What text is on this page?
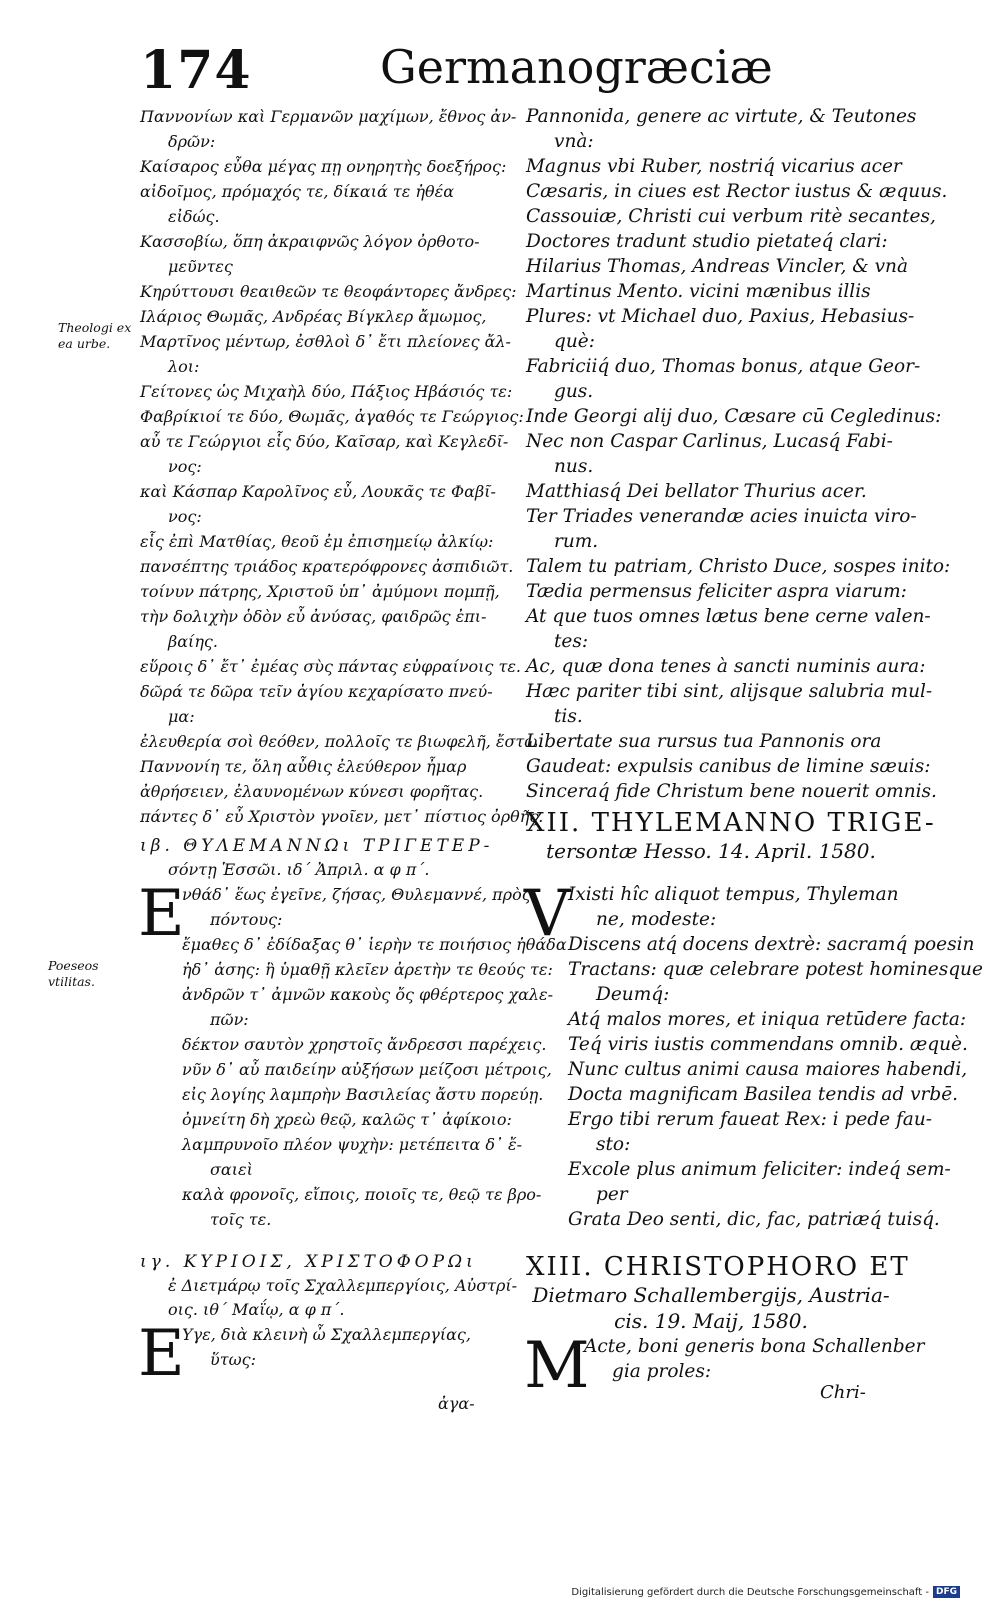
174	Germanogræciæ
Theologi ex ea urbe.
Poeseos vtilitas.
Παννονίων καὶ Γερμανῶν μαχίμων, ἔθνος ἀν-
δρῶν:
Καίσαρος εὖθα μέγας πῃ ονηρητὴς δοεξήρος:
αἰδοῖμος, πρόμαχός τε, δίκαιά τε ἠθέα
εἰδώς.
Κασσοβίω, ὅπη ἀκραιφνῶς λόγον ὀρθοτο-
μεῦντες
Κηρύττουσι θεαιθεῶν τε θεοφάντορες ἄνδρες:
Ιλάριος Θωμᾶς, Ανδρέας Βίγκλερ ἄμωμος,
Μαρτῖνος μέντωρ, ἐσθλοὶ δ᾽ ἔτι πλείονες ἄλ-
λοι:
Γείτονες ὡς Μιχαὴλ δύο, Πάξιος Ηβάσιός τε:
Φαβρίκιοί τε δύο, Θωμᾶς, ἀγαθός τε Γεώργιος:
αὖ τε Γεώργιοι εἷς δύο, Καῖσαρ, καὶ Κεγλεδῖ-
νος:
καὶ Κάσπαρ Καρολῖνος εὖ, Λουκᾶς τε Φαβῖ-
νος:
εἷς ἐπὶ Ματθίας, θεοῦ ἐμ ἐπισημείῳ ἀλκίῳ:
πανσέπτης τριάδος κρατερόφρονες ἀσπιδιῶτ.
τοίνυν πάτρης, Χριστοῦ ὑπ᾽ ἀμύμονι πομπῇ,
τὴν δολιχὴν ὁδὸν εὖ ἀνύσας, φαιδρῶς ἐπι-
βαίης.
εὕροις δ᾽ ἔτ᾽ ἐμέας σὺς πάντας εὐφραίνοις τε.
δῶρά τε δῶρα τεῖν ἁγίου κεχαρίσατο πνεύ-
μα:
ἐλευθερία σοὶ θεόθεν, πολλοῖς τε βιωφελῆ, ἔστω.
Παννονίη τε, ὅλη αὖθις ἐλεύθερον ἦμαρ
ἀθρήσειεν, ἐλαυνομένων κύνεσι φορῆτας.
πάντες δ᾽ εὖ Χριστὸν γνοῖεν, μετ᾽ πίστιος ὀρθῆς.
Pannonida, genere ac virtute, & Teutones
vnà:
Magnus vbi Ruber, nostriq́ vicarius acer
Cæsaris, in ciues est Rector iustus & æquus.
Cassouiæ, Christi cui verbum ritè secantes,
Doctores tradunt studio pietateq́ clari:
Hilarius Thomas, Andreas Vincler, & vnà
Martinus Mento. vicini mænibus illis
Plures: vt Michael duo, Paxius, Hebasius-
què:
Fabriciiq́ duo, Thomas bonus, atque Geor-
gus.
Inde Georgi alij duo, Cæsare cū Cegledinus:
Nec non Caspar Carlinus, Lucasq́ Fabi-
nus.
Matthiasq́ Dei bellator Thurius acer.
Ter Triades venerandæ acies inuicta viro-
rum.
Talem tu patriam, Christo Duce, sospes inito:
Tædia permensus feliciter aspra viarum:
At que tuos omnes lætus bene cerne valen-
tes:
Ac, quæ dona tenes à sancti numinis aura:
Hæc pariter tibi sint, alijsque salubria mul-
tis.
Libertate sua rursus tua Pannonis ora
Gaudeat: expulsis canibus de limine sæuis:
Sinceraq́ fide Christum bene nouerit omnis.
ιβ. ΘΥΛΕΜΑΝΝΩι ΤΡΙΓΕΤΕΡ-
σόντῃ Ἑσσῶι. ιδ΄ Ἀπριλ. α φ π΄.
E
νθάδ᾽ ἕως ἐγεῖνε, ζήσας, Θυλεμαννέ, πρὸς
πόντους:
ἔμαθες δ᾽ ἐδίδαξας θ᾽ ἱερὴν τε ποιήσιος ἠθάδα
ἠδ᾽ ἁσης: ἣ ὑμαθῇ κλεῖεν ἀρετὴν τε θεούς τε:
ἀνδρῶν τ᾽ ἀμνῶν κακοὺς ὄς φθέρτερος χαλε-
πῶν:
δέκτον σαυτὸν χρηστοῖς ἄνδρεσσι παρέχεις.
νῦν δ᾽ αὖ παιδείην αὐξήσων μείζοσι μέτροις,
εἰς λογίης λαμπρὴν Βασιλείας ἄστυ πορεύῃ.
ὀμνείτη δὴ χρεὼ θεῷ, καλῶς τ᾽ ἀφίκοιο:
λαμπρυνοῖο πλέον ψυχὴν: μετέπειτα δ᾽ ἔ-
σαιεὶ
καλὰ φρονοῖς, εἴποις, ποιοῖς τε, θεῷ τε βρο-
τοῖς τε.
XII. THYLEMANNO TRIGE-
tersontæ Hesso. 14. April. 1580.
V
Ixisti hîc aliquot tempus, Thyleman
ne, modeste:
Discens atq́ docens dextrè: sacramq́ poesin
Tractans: quæ celebrare potest hominesque
Deumq́:
Atq́ malos mores, et iniqua retūdere facta:
Teq́ viris iustis commendans omnib. æquè.
Nunc cultus animi causa maiores habendi,
Docta magnificam Basilea tendis ad vrbē.
Ergo tibi rerum faueat Rex: i pede fau-
sto:
Excole plus animum feliciter: indeq́ sem-
per
Grata Deo senti, dic, fac, patriæq́ tuisq́.
ιγ. ΚΥΡΙΟΙΣ, ΧΡΙΣΤΟΦΟΡΩι
ἐ Διετμάρῳ τοῖς Σχαλλεμπεργίοις, Αὐστρί-
οις. ιθ΄ Μαΐῳ, α φ π΄.
E
Υγε, διὰ κλεινὴ ὦ Σχαλλεμπεργίας,
ὕτως:
ἀγα-
XIII. CHRISTOPHORO ET
Dietmaro Schallembergijs, Austria-
cis. 19. Maij, 1580.
M
Acte, boni generis bona Schallenber
gia proles:
Chri-
Digitalisierung gefördert durch die Deutsche Forschungsgemeinschaft - DFG
